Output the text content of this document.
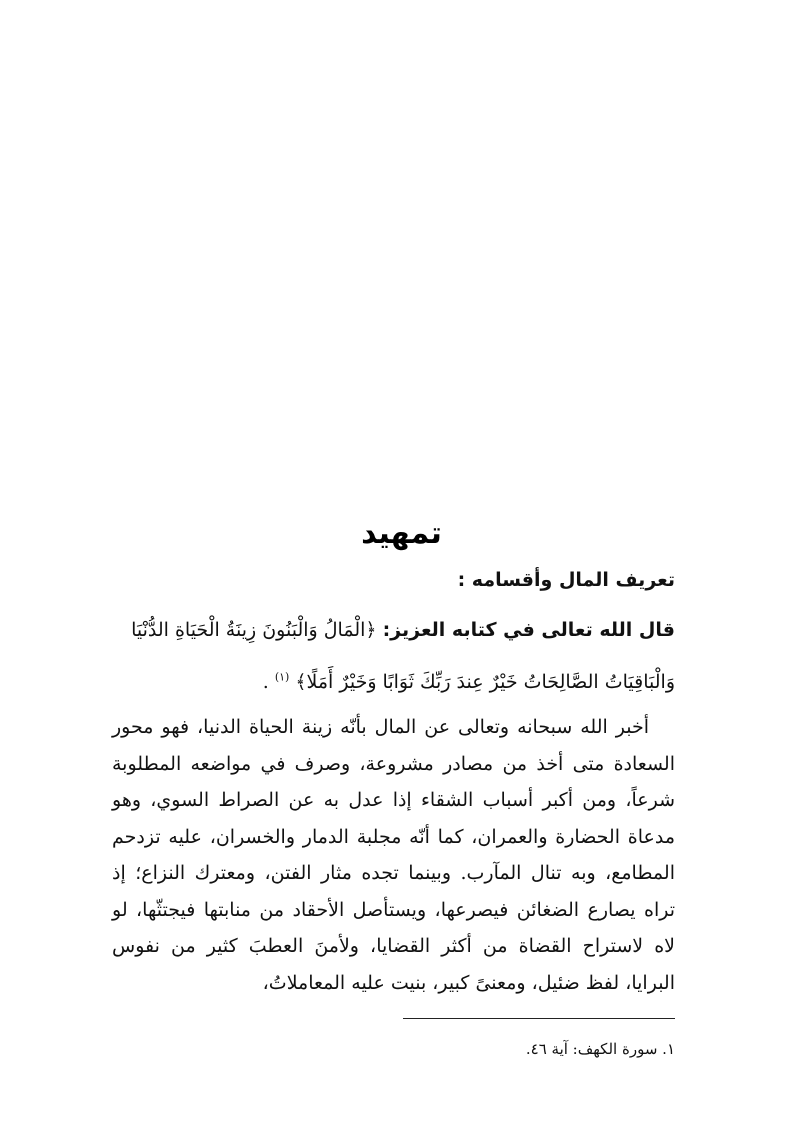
تمهيد
تعريف المال وأقسامه :
قال الله تعالى في كتابه العزيز: ﴿الْمَالُ وَالْبَنُونَ زِينَةُ الْحَيَاةِ الدُّنْيَا وَالْبَاقِيَاتُ الصَّالِحَاتُ خَيْرٌ عِندَ رَبِّكَ ثَوَابًا وَخَيْرٌ أَمَلًا﴾ $^{(١)}$ .
أخبر الله سبحانه وتعالى عن المال بأنّه زينة الحياة الدنيا، فهو محور السعادة متى أخذ من مصادر مشروعة، وصرف في مواضعه المطلوبة شرعاً، ومن أكبر أسباب الشقاء إذا عدل به عن الصراط السوي، وهو مدعاة الحضارة والعمران، كما أنّه مجلبة الدمار والخسران، عليه تزدحم المطامع، وبه تنال المآرب. وبينما تجده مثار الفتن، ومعترك النزاع؛ إذ تراه يصارع الضغائن فيصرعها، ويستأصل الأحقاد من منابتها فيجتثّها، لو لاه لاستراح القضاة من أكثر القضايا، ولأمنَ العطبَ كثير من نفوس البرايا، لفظ ضئيل، ومعنىً كبير، بنيت عليه المعاملاتُ،
١. سورة الكهف: آية ٤٦.
